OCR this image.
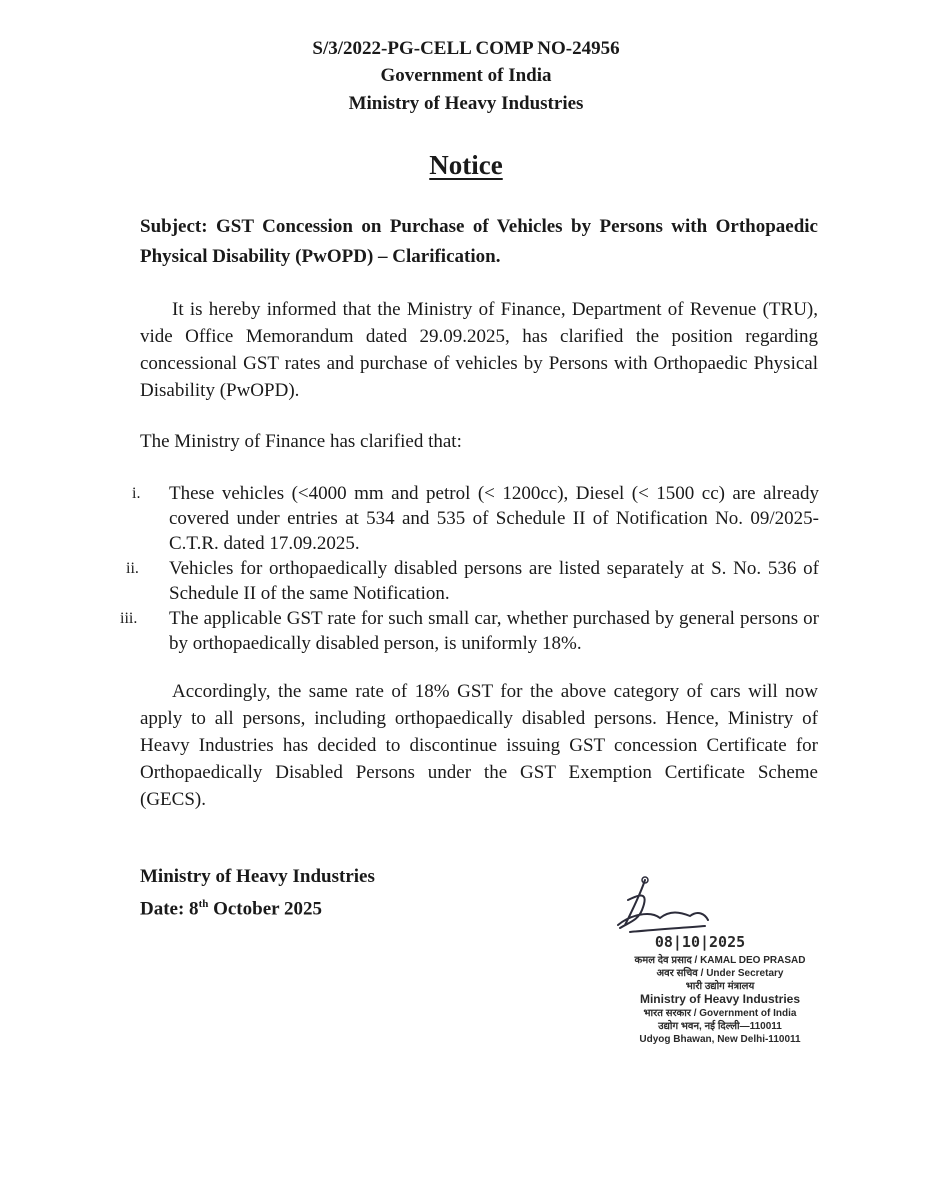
S/3/2022-PG-CELL COMP NO-24956
Government of India
Ministry of Heavy Industries
Notice
Subject: GST Concession on Purchase of Vehicles by Persons with Orthopaedic Physical Disability (PwOPD) – Clarification.
It is hereby informed that the Ministry of Finance, Department of Revenue (TRU), vide Office Memorandum dated 29.09.2025, has clarified the position regarding concessional GST rates and purchase of vehicles by Persons with Orthopaedic Physical Disability (PwOPD).
The Ministry of Finance has clarified that:
i.	These vehicles (<4000 mm and petrol (< 1200cc), Diesel (< 1500 cc) are already covered under entries at 534 and 535 of Schedule II of Notification No. 09/2025-C.T.R. dated 17.09.2025.
ii.	Vehicles for orthopaedically disabled persons are listed separately at S. No. 536 of Schedule II of the same Notification.
iii.	The applicable GST rate for such small car, whether purchased by general persons or by orthopaedically disabled person, is uniformly 18%.
Accordingly, the same rate of 18% GST for the above category of cars will now apply to all persons, including orthopaedically disabled persons. Hence, Ministry of Heavy Industries has decided to discontinue issuing GST concession Certificate for Orthopaedically Disabled Persons under the GST Exemption Certificate Scheme (GECS).
Ministry of Heavy Industries
Date: 8th October 2025
08|10|2025
कमल देव प्रसाद / KAMAL DEO PRASAD
अवर सचिव / Under Secretary
भारी उद्योग मंत्रालय
Ministry of Heavy Industries
भारत सरकार / Government of India
उद्योग भवन, नई दिल्ली—110011
Udyog Bhawan, New Delhi-110011
